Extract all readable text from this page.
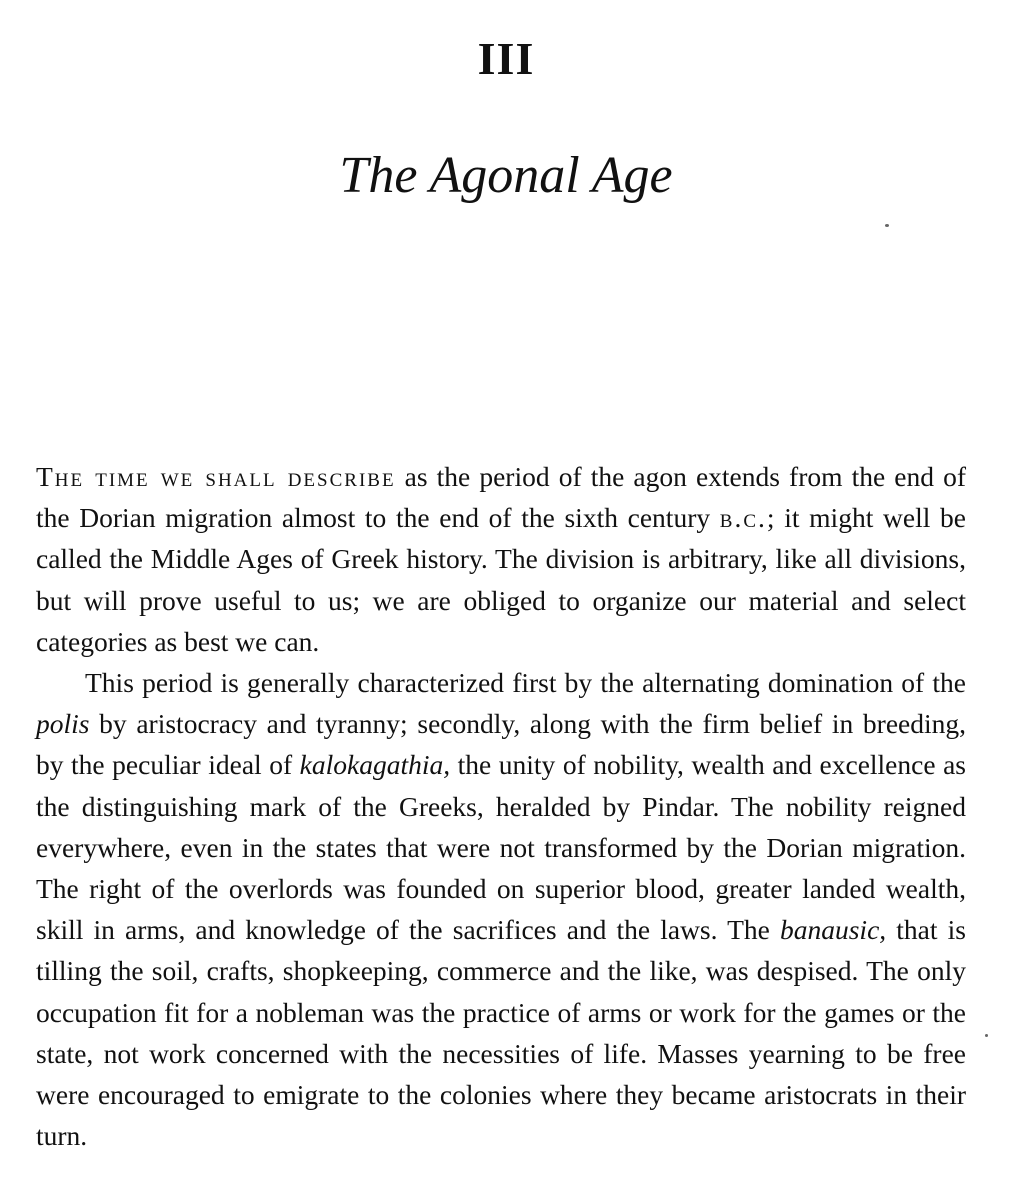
III
The Agonal Age

The time we shall describe as the period of the agon extends from the end of the Dorian migration almost to the end of the sixth century b.c.; it might well be called the Middle Ages of Greek history. The division is arbitrary, like all divisions, but will prove useful to us; we are obliged to organize our material and select categories as best we can.

This period is generally characterized first by the alternating domination of the polis by aristocracy and tyranny; secondly, along with the firm belief in breeding, by the peculiar ideal of kalokagathia, the unity of nobility, wealth and excellence as the distinguishing mark of the Greeks, heralded by Pindar. The nobility reigned everywhere, even in the states that were not transformed by the Dorian migration. The right of the overlords was founded on superior blood, greater landed wealth, skill in arms, and knowledge of the sacrifices and the laws. The banausic, that is tilling the soil, crafts, shopkeeping, commerce and the like, was despised. The only occupation fit for a nobleman was the practice of arms or work for the games or the state, not work concerned with the necessities of life. Masses yearning to be free were encouraged to emigrate to the colonies where they became aristocrats in their turn.
